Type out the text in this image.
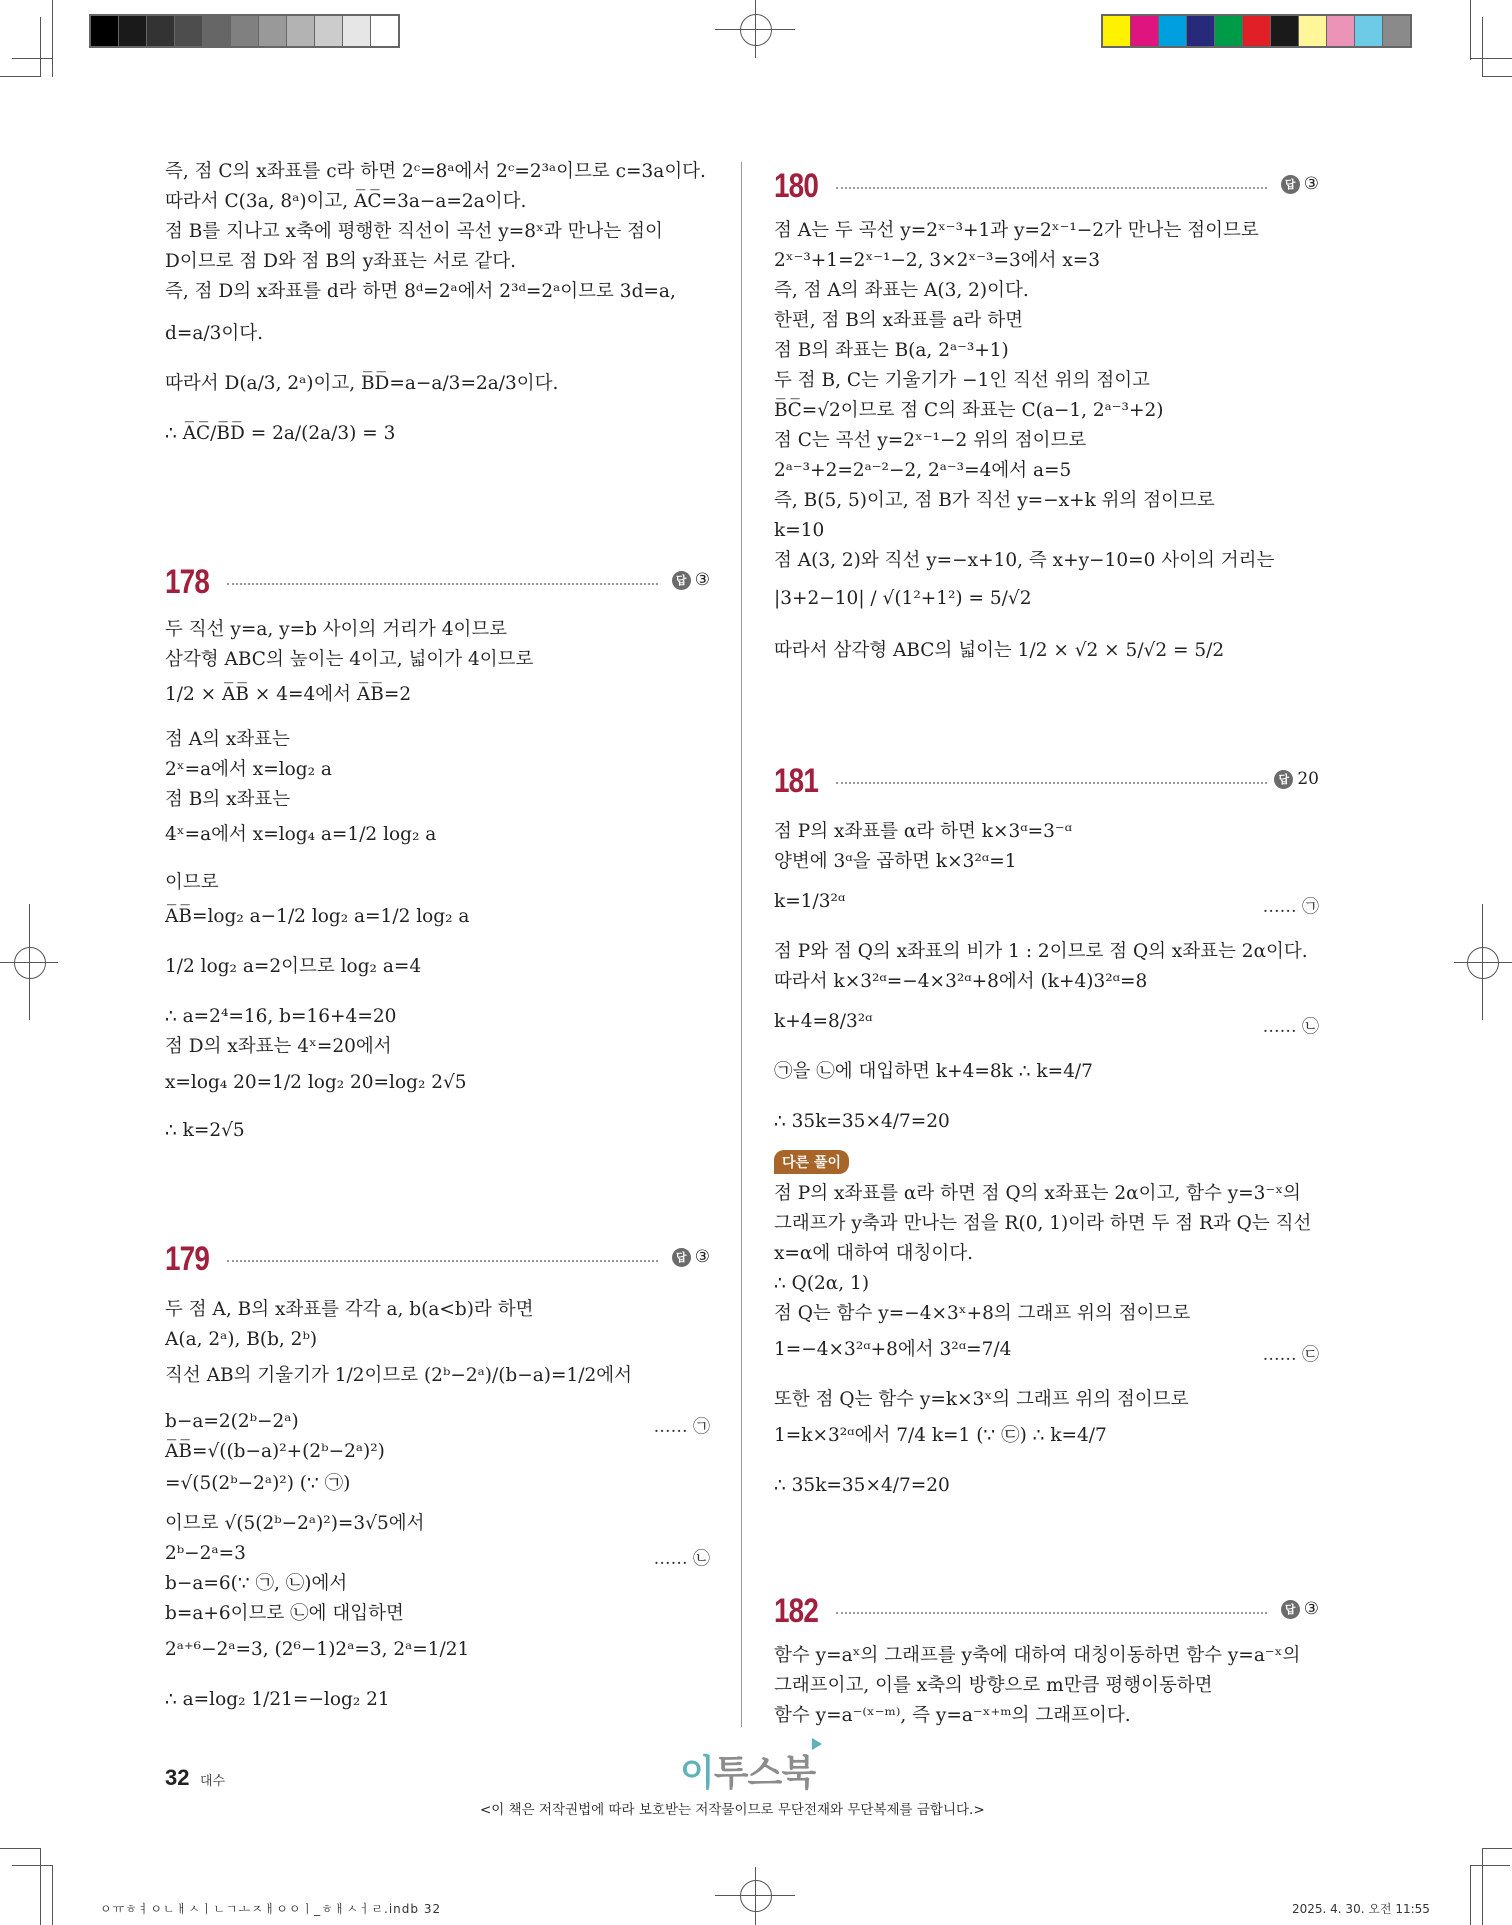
즉, 점 C의 x좌표를 c라 하면 2ᶜ=8ᵃ에서 2ᶜ=2³ᵃ이므로 c=3a이다.
따라서 C(3a, 8ᵃ)이고, A̅C̅=3a−a=2a이다.
점 B를 지나고 x축에 평행한 직선이 곡선 y=8ˣ과 만나는 점이
D이므로 점 D와 점 B의 y좌표는 서로 같다.
즉, 점 D의 x좌표를 d라 하면 8ᵈ=2ᵃ에서 2³ᵈ=2ᵃ이므로 3d=a,
d=a/3이다.
따라서 D(a/3, 2ᵃ)이고, B̅D̅=a−a/3=2a/3이다.
∴ A̅C̅/B̅D̅ = 2a/(2a/3) = 3
178	답 ③
두 직선 y=a, y=b 사이의 거리가 4이므로
삼각형 ABC의 높이는 4이고, 넓이가 4이므로
1/2 × A̅B̅ × 4=4에서 A̅B̅=2
점 A의 x좌표는
2ˣ=a에서 x=log₂ a
점 B의 x좌표는
4ˣ=a에서 x=log₄ a=1/2 log₂ a
이므로
A̅B̅=log₂ a−1/2 log₂ a=1/2 log₂ a
1/2 log₂ a=2이므로 log₂ a=4
∴ a=2⁴=16, b=16+4=20
점 D의 x좌표는 4ˣ=20에서
x=log₄ 20=1/2 log₂ 20=log₂ 2√5
∴ k=2√5
179	답 ③
두 점 A, B의 x좌표를 각각 a, b(a<b)라 하면
A(a, 2ᵃ), B(b, 2ᵇ)
직선 AB의 기울기가 1/2이므로 (2ᵇ−2ᵃ)/(b−a)=1/2에서
b−a=2(2ᵇ−2ᵃ)	…… ㉠
A̅B̅=√((b−a)²+(2ᵇ−2ᵃ)²)
=√(5(2ᵇ−2ᵃ)²) (∵ ㉠)
이므로 √(5(2ᵇ−2ᵃ)²)=3√5에서
2ᵇ−2ᵃ=3	…… ㉡
b−a=6(∵ ㉠, ㉡)에서
b=a+6이므로 ㉡에 대입하면
2ᵃ⁺⁶−2ᵃ=3, (2⁶−1)2ᵃ=3, 2ᵃ=1/21
∴ a=log₂ 1/21=−log₂ 21
180	답 ③
점 A는 두 곡선 y=2ˣ⁻³+1과 y=2ˣ⁻¹−2가 만나는 점이므로
2ˣ⁻³+1=2ˣ⁻¹−2, 3×2ˣ⁻³=3에서 x=3
즉, 점 A의 좌표는 A(3, 2)이다.
한편, 점 B의 x좌표를 a라 하면
점 B의 좌표는 B(a, 2ᵃ⁻³+1)
두 점 B, C는 기울기가 −1인 직선 위의 점이고
B̅C̅=√2이므로 점 C의 좌표는 C(a−1, 2ᵃ⁻³+2)
점 C는 곡선 y=2ˣ⁻¹−2 위의 점이므로
2ᵃ⁻³+2=2ᵃ⁻²−2, 2ᵃ⁻³=4에서 a=5
즉, B(5, 5)이고, 점 B가 직선 y=−x+k 위의 점이므로
k=10
점 A(3, 2)와 직선 y=−x+10, 즉 x+y−10=0 사이의 거리는
|3+2−10| / √(1²+1²) = 5/√2
따라서 삼각형 ABC의 넓이는 1/2 × √2 × 5/√2 = 5/2
181	답 20
점 P의 x좌표를 α라 하면 k×3ᵅ=3⁻ᵅ
양변에 3ᵅ을 곱하면 k×3²ᵅ=1
k=1/3²ᵅ	…… ㉠
점 P와 점 Q의 x좌표의 비가 1 : 2이므로 점 Q의 x좌표는 2α이다.
따라서 k×3²ᵅ=−4×3²ᵅ+8에서 (k+4)3²ᵅ=8
k+4=8/3²ᵅ	…… ㉡
㉠을 ㉡에 대입하면 k+4=8k ∴ k=4/7
∴ 35k=35×4/7=20
다른 풀이
점 P의 x좌표를 α라 하면 점 Q의 x좌표는 2α이고, 함수 y=3⁻ˣ의
그래프가 y축과 만나는 점을 R(0, 1)이라 하면 두 점 R과 Q는 직선
x=α에 대하여 대칭이다.
∴ Q(2α, 1)
점 Q는 함수 y=−4×3ˣ+8의 그래프 위의 점이므로
1=−4×3²ᵅ+8에서 3²ᵅ=7/4	…… ㉢
또한 점 Q는 함수 y=k×3ˣ의 그래프 위의 점이므로
1=k×3²ᵅ에서 7/4 k=1 (∵ ㉢) ∴ k=4/7
∴ 35k=35×4/7=20
182	답 ③
함수 y=aˣ의 그래프를 y축에 대하여 대칭이동하면 함수 y=a⁻ˣ의
그래프이고, 이를 x축의 방향으로 m만큼 평행이동하면
함수 y=a⁻⁽ˣ⁻ᵐ⁾, 즉 y=a⁻ˣ⁺ᵐ의 그래프이다.
32 대수	이투스북
<이 책은 저작권법에 따라 보호받는 저작물이므로 무단전재와 무단복제를 금합니다.>
ㅇㅠㅎㅕㅇㄴㅐㅅㅣㄴㄱㅗㅈㅐㅇㅇㅣ_ㅎㅐㅅㅓㄹ.indb 32	2025. 4. 30. 오전 11:55
